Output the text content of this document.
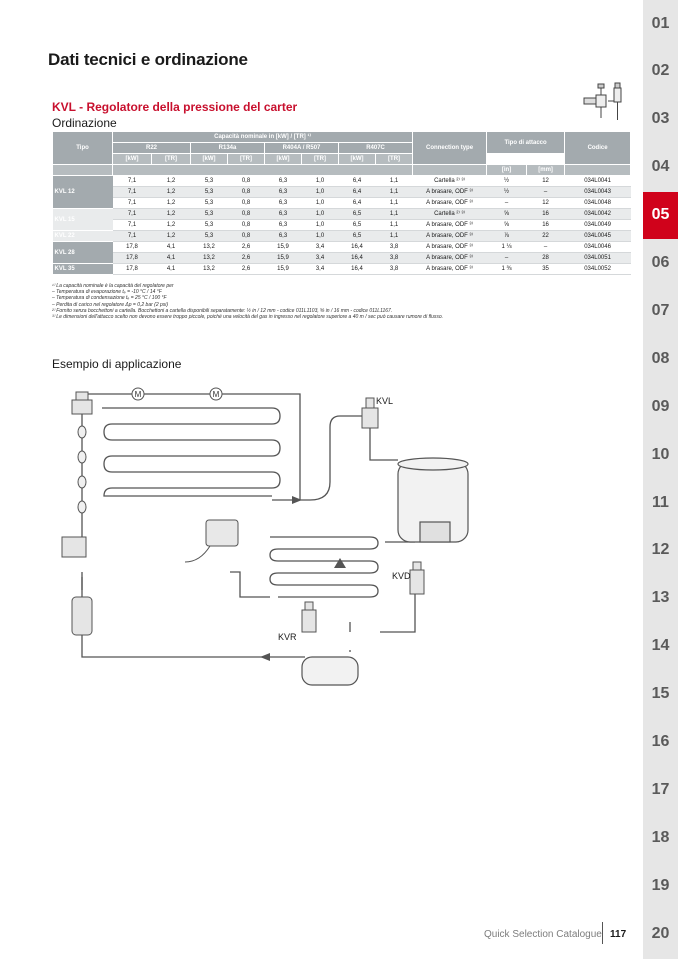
Dati tecnici e ordinazione
KVL - Regolatore della pressione del carter
Ordinazione
Tipo	Capacità nominale in [kW] / [TR] ¹⁾								Connection type	Tipo di attacco		Codice
	R22		R134a		R404A / R507		R407C					
	[kW]	[TR]	[kW]	[TR]	[kW]	[TR]	[kW]	[TR]				
										[in]	[mm]	
KVL 12	7,1	1,2	5,3	0,8	6,3	1,0	6,4	1,1	Cartella ²⁾ ³⁾	½	12	034L0041
	7,1	1,2	5,3	0,8	6,3	1,0	6,4	1,1	A brasare, ODF ³⁾	½	–	034L0043
	7,1	1,2	5,3	0,8	6,3	1,0	6,4	1,1	A brasare, ODF ³⁾	–	12	034L0048
KVL 15	7,1	1,2	5,3	0,8	6,3	1,0	6,5	1,1	Cartella ²⁾ ³⁾	⅝	16	034L0042
	7,1	1,2	5,3	0,8	6,3	1,0	6,5	1,1	A brasare, ODF ³⁾	⅝	16	034L0049
KVL 22	7,1	1,2	5,3	0,8	6,3	1,0	6,5	1,1	A brasare, ODF ³⁾	⅞	22	034L0045
KVL 28	17,8	4,1	13,2	2,6	15,9	3,4	16,4	3,8	A brasare, ODF ³⁾	1 ⅛	–	034L0046
	17,8	4,1	13,2	2,6	15,9	3,4	16,4	3,8	A brasare, ODF ³⁾	–	28	034L0051
KVL 35	17,8	4,1	13,2	2,6	15,9	3,4	16,4	3,8	A brasare, ODF ³⁾	1 ⅜	35	034L0052
¹⁾ La capacità nominale è la capacità del regolatore per
– Temperatura di evaporazione tₑ = -10 °C / 14 °F
– Temperatura di condensazione tₑ = 25 °C / 100 °F
– Perdita di carico nel regolatore Δp = 0,2 bar (2 psi)
²⁾ Fornito senza bocchettoni a cartella. Bocchettoni a cartella disponibili separatamente: ½ in / 12 mm - codice 011L1103, ⅝ in / 16 mm - codice 011L1167.
³⁾ Le dimensioni dell'attacco scelto non devono essere troppo piccole, poiché una velocità del gas in ingresso nel regolatore superiore a 40 m / sec può causare rumore di flusso.
Esempio di applicazione
M	M
KVL
KVD
KVR
01
02
03
04
05
06
07
08
09
10
11
12
13
14
15
16
17
18
19
20
Quick Selection Catalogue 117
